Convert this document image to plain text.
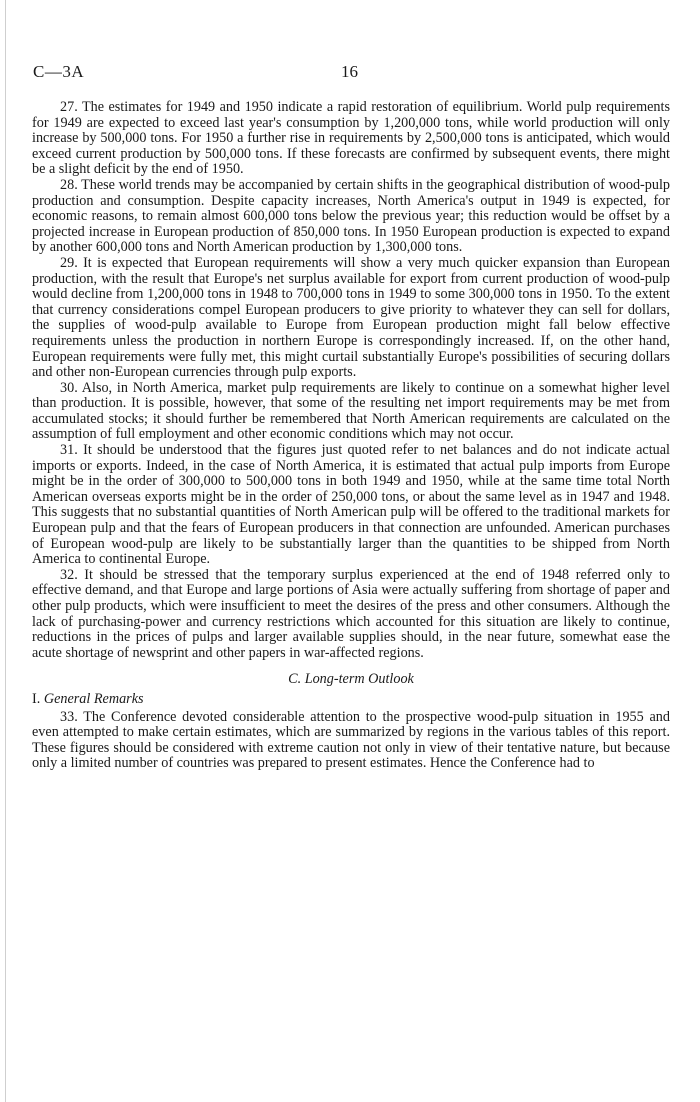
C—3A	16

27. The estimates for 1949 and 1950 indicate a rapid restoration of equilibrium. World pulp requirements for 1949 are expected to exceed last year's consumption by 1,200,000 tons, while world production will only increase by 500,000 tons. For 1950 a further rise in requirements by 2,500,000 tons is anticipated, which would exceed current production by 500,000 tons. If these forecasts are confirmed by subsequent events, there might be a slight deficit by the end of 1950.

28. These world trends may be accompanied by certain shifts in the geographical distribution of wood-pulp production and consumption. Despite capacity increases, North America's output in 1949 is expected, for economic reasons, to remain almost 600,000 tons below the previous year; this reduction would be offset by a projected increase in European production of 850,000 tons. In 1950 European production is expected to expand by another 600,000 tons and North American production by 1,300,000 tons.

29. It is expected that European requirements will show a very much quicker expansion than European production, with the result that Europe's net surplus available for export from current production of wood-pulp would decline from 1,200,000 tons in 1948 to 700,000 tons in 1949 to some 300,000 tons in 1950. To the extent that currency considerations compel European producers to give priority to whatever they can sell for dollars, the supplies of wood-pulp available to Europe from European production might fall below effective requirements unless the production in northern Europe is correspondingly increased. If, on the other hand, European requirements were fully met, this might curtail substantially Europe's possibilities of securing dollars and other non-European currencies through pulp exports.

30. Also, in North America, market pulp requirements are likely to continue on a somewhat higher level than production. It is possible, however, that some of the resulting net import requirements may be met from accumulated stocks; it should further be remembered that North American requirements are calculated on the assumption of full employment and other economic conditions which may not occur.

31. It should be understood that the figures just quoted refer to net balances and do not indicate actual imports or exports. Indeed, in the case of North America, it is estimated that actual pulp imports from Europe might be in the order of 300,000 to 500,000 tons in both 1949 and 1950, while at the same time total North American overseas exports might be in the order of 250,000 tons, or about the same level as in 1947 and 1948. This suggests that no substantial quantities of North American pulp will be offered to the traditional markets for European pulp and that the fears of European producers in that connection are unfounded. American purchases of European wood-pulp are likely to be substantially larger than the quantities to be shipped from North America to continental Europe.

32. It should be stressed that the temporary surplus experienced at the end of 1948 referred only to effective demand, and that Europe and large portions of Asia were actually suffering from shortage of paper and other pulp products, which were insufficient to meet the desires of the press and other consumers. Although the lack of purchasing-power and currency restrictions which accounted for this situation are likely to continue, reductions in the prices of pulps and larger available supplies should, in the near future, somewhat ease the acute shortage of newsprint and other papers in war-affected regions.

C. Long-term Outlook

I. General Remarks

33. The Conference devoted considerable attention to the prospective wood-pulp situation in 1955 and even attempted to make certain estimates, which are summarized by regions in the various tables of this report. These figures should be considered with extreme caution not only in view of their tentative nature, but because only a limited number of countries was prepared to present estimates. Hence the Conference had to
